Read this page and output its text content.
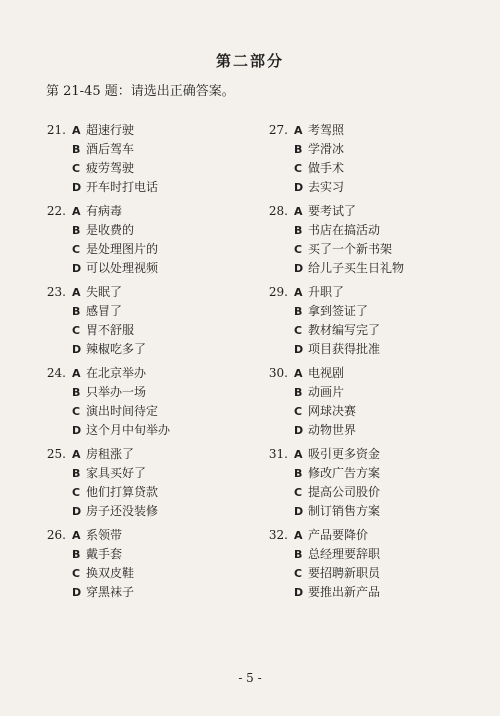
第二部分
第 21-45 题：请选出正确答案。
21. A 超速行驶
B 酒后驾车
C 疲劳驾驶
D 开车时打电话
22. A 有病毒
B 是收费的
C 是处理图片的
D 可以处理视频
23. A 失眠了
B 感冒了
C 胃不舒服
D 辣椒吃多了
24. A 在北京举办
B 只举办一场
C 演出时间待定
D 这个月中旬举办
25. A 房租涨了
B 家具买好了
C 他们打算贷款
D 房子还没装修
26. A 系领带
B 戴手套
C 换双皮鞋
D 穿黑袜子
27. A 考驾照
B 学滑冰
C 做手术
D 去实习
28. A 要考试了
B 书店在搞活动
C 买了一个新书架
D 给儿子买生日礼物
29. A 升职了
B 拿到签证了
C 教材编写完了
D 项目获得批准
30. A 电视剧
B 动画片
C 网球决赛
D 动物世界
31. A 吸引更多资金
B 修改广告方案
C 提高公司股价
D 制订销售方案
32. A 产品要降价
B 总经理要辞职
C 要招聘新职员
D 要推出新产品
- 5 -
